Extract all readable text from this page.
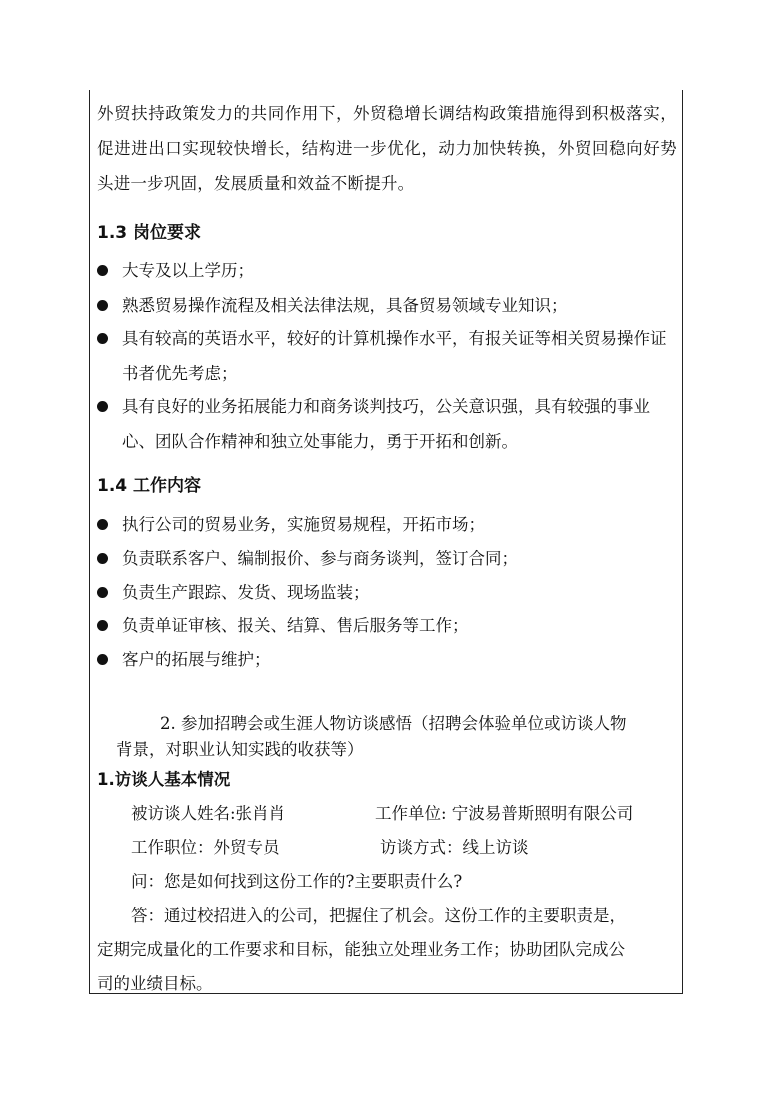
外贸扶持政策发力的共同作用下，外贸稳增长调结构政策措施得到积极落实，促进进出口实现较快增长，结构进一步优化，动力加快转换，外贸回稳向好势头进一步巩固，发展质量和效益不断提升。
1.3 岗位要求
大专及以上学历；
熟悉贸易操作流程及相关法律法规，具备贸易领域专业知识；
具有较高的英语水平，较好的计算机操作水平，有报关证等相关贸易操作证书者优先考虑；
具有良好的业务拓展能力和商务谈判技巧，公关意识强，具有较强的事业心、团队合作精神和独立处事能力，勇于开拓和创新。
1.4 工作内容
执行公司的贸易业务，实施贸易规程，开拓市场；
负责联系客户、编制报价、参与商务谈判，签订合同；
负责生产跟踪、发货、现场监装；
负责单证审核、报关、结算、售后服务等工作；
客户的拓展与维护；
2. 参加招聘会或生涯人物访谈感悟（招聘会体验单位或访谈人物
背景，对职业认知实践的收获等）
1.访谈人基本情况
被访谈人姓名:张肖肖	工作单位: 宁波易普斯照明有限公司
工作职位：外贸专员	访谈方式：线上访谈
问：您是如何找到这份工作的?主要职责什么?
答：通过校招进入的公司，把握住了机会。这份工作的主要职责是，
定期完成量化的工作要求和目标，能独立处理业务工作；协助团队完成公
司的业绩目标。
